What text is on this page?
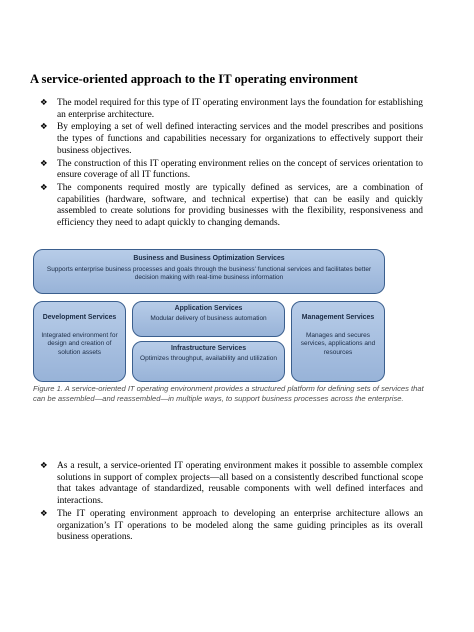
A service-oriented approach to the IT operating environment
❖ The model required for this type of IT operating environment lays the foundation for establishing an enterprise architecture.
❖ By employing a set of well defined interacting services and the model prescribes and positions the types of functions and capabilities necessary for organizations to effectively support their business objectives.
❖ The construction of this IT operating environment relies on the concept of services orientation to ensure coverage of all IT functions.
❖ The components required mostly are typically defined as services, are a combination of capabilities (hardware, software, and technical expertise) that can be easily and quickly assembled to create solutions for providing businesses with the flexibility, responsiveness and efficiency they need to adapt quickly to changing demands.
Business and Business Optimization Services
Supports enterprise business processes and goals through the business' functional services and facilitates better decision making with real-time business information
Development Services
Integrated environment for design and creation of solution assets
Application Services
Modular delivery of business automation
Infrastructure Services
Optimizes throughput, availability and utilization
Management Services
Manages and secures services, applications and resources
Figure 1. A service-oriented IT operating environment provides a structured platform for defining sets of services that can be assembled—and reassembled—in multiple ways, to support business processes across the enterprise.
❖ As a result, a service-oriented IT operating environment makes it possible to assemble complex solutions in support of complex projects—all based on a consistently described functional scope that takes advantage of standardized, reusable components with well defined interfaces and interactions.
❖ The IT operating environment approach to developing an enterprise architecture allows an organization’s IT operations to be modeled along the same guiding principles as its overall business operations.
